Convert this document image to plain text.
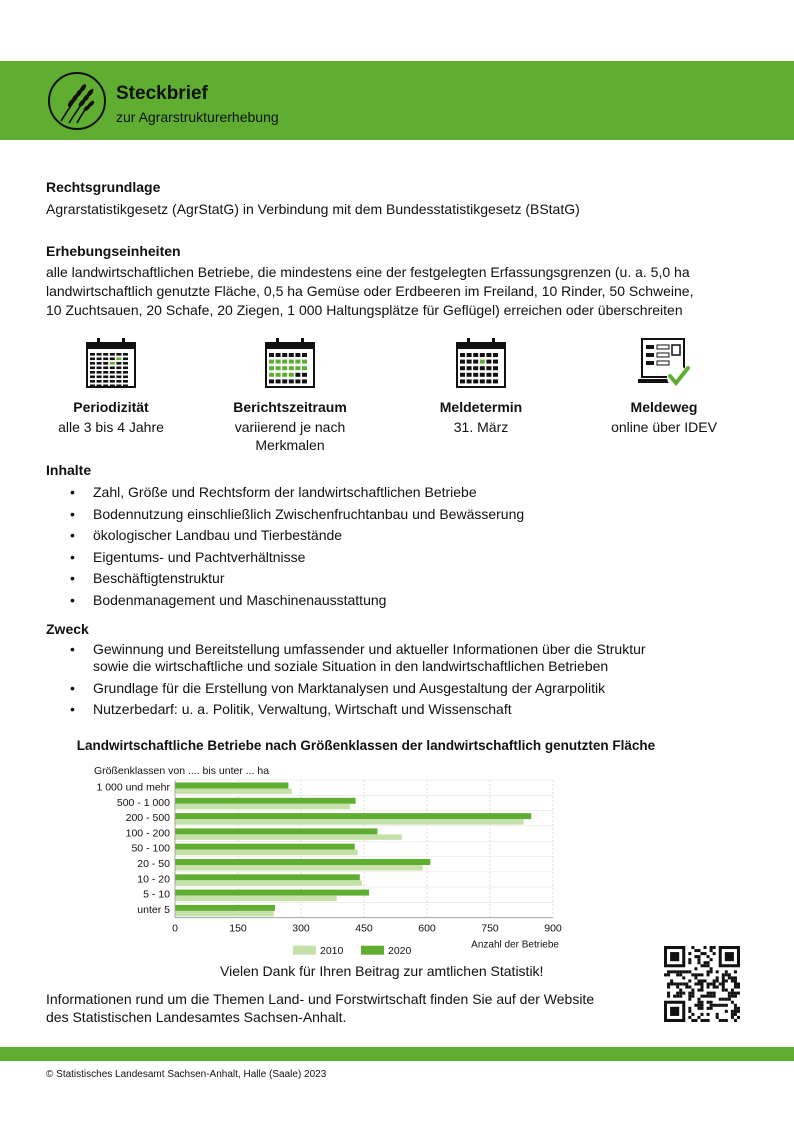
Steckbrief
zur Agrarstrukturerhebung
Rechtsgrundlage
Agrarstatistikgesetz (AgrStatG) in Verbindung mit dem Bundesstatistikgesetz (BStatG)
Erhebungseinheiten
alle landwirtschaftlichen Betriebe, die mindestens eine der festgelegten Erfassungsgrenzen (u. a. 5,0 ha
landwirtschaftlich genutzte Fläche, 0,5 ha Gemüse oder Erdbeeren im Freiland, 10 Rinder, 50 Schweine,
10 Zuchtsauen, 20 Schafe, 20 Ziegen, 1 000 Haltungsplätze für Geflügel) erreichen oder überschreiten
Periodizität
alle 3 bis 4 Jahre
Berichtszeitraum
variierend je nach
Merkmalen
Meldetermin
31. März
Meldeweg
online über IDEV
Inhalte
• Zahl, Größe und Rechtsform der landwirtschaftlichen Betriebe
• Bodennutzung einschließlich Zwischenfruchtanbau und Bewässerung
• ökologischer Landbau und Tierbestände
• Eigentums- und Pachtverhältnisse
• Beschäftigtenstruktur
• Bodenmanagement und Maschinenausstattung
Zweck
• Gewinnung und Bereitstellung umfassender und aktueller Informationen über die Struktur
sowie die wirtschaftliche und soziale Situation in den landwirtschaftlichen Betrieben
• Grundlage für die Erstellung von Marktanalysen und Ausgestaltung der Agrarpolitik
• Nutzerbedarf: u. a. Politik, Verwaltung, Wirtschaft und Wissenschaft
Landwirtschaftliche Betriebe nach Größenklassen der landwirtschaftlich genutzten Fläche
Größenklassen von .... bis unter ... ha
1 000 und mehr
500 - 1 000
200 - 500
100 - 200
50 - 100
20 - 50
10 - 20
5 - 10
unter 5
0	150	300	450	600	750	900
Anzahl der Betriebe
2010	2020
Vielen Dank für Ihren Beitrag zur amtlichen Statistik!
Informationen rund um die Themen Land- und Forstwirtschaft finden Sie auf der Website
des Statistischen Landesamtes Sachsen-Anhalt.
© Statistisches Landesamt Sachsen-Anhalt, Halle (Saale) 2023
